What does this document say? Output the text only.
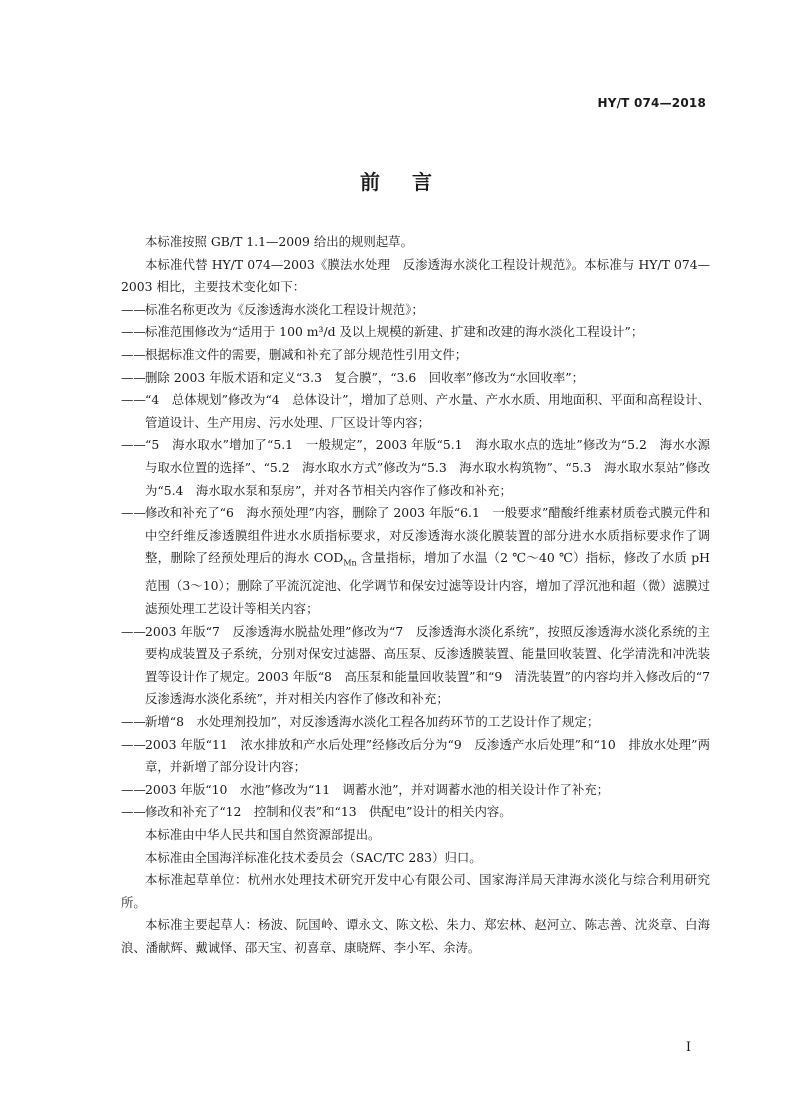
HY/T 074—2018
前言

本标准按照 GB/T 1.1—2009 给出的规则起草。

本标准代替 HY/T 074—2003《膜法水处理　反渗透海水淡化工程设计规范》。本标准与 HY/T 074—2003 相比，主要技术变化如下：

——标准名称更改为《反渗透海水淡化工程设计规范》；

——标准范围修改为“适用于 100 m³/d 及以上规模的新建、扩建和改建的海水淡化工程设计”；

——根据标准文件的需要，删减和补充了部分规范性引用文件；

——删除 2003 年版术语和定义“3.3　复合膜”，“3.6　回收率”修改为“水回收率”；

——“4　总体规划”修改为“4　总体设计”，增加了总则、产水量、产水水质、用地面积、平面和高程设计、管道设计、生产用房、污水处理、厂区设计等内容；

——“5　海水取水”增加了“5.1　一般规定”，2003 年版“5.1　海水取水点的选址”修改为“5.2　海水水源与取水位置的选择”、“5.2　海水取水方式”修改为“5.3　海水取水构筑物”、“5.3　海水取水泵站”修改为“5.4　海水取水泵和泵房”，并对各节相关内容作了修改和补充；

——修改和补充了“6　海水预处理”内容，删除了 2003 年版“6.1　一般要求”醋酸纤维素材质卷式膜元件和中空纤维反渗透膜组件进水水质指标要求，对反渗透海水淡化膜装置的部分进水水质指标要求作了调整，删除了经预处理后的海水 $COD_{Mn}$ 含量指标，增加了水温（2 ℃～40 ℃）指标，修改了水质 pH 范围（3～10）；删除了平流沉淀池、化学调节和保安过滤等设计内容，增加了浮沉池和超（微）滤膜过滤预处理工艺设计等相关内容；

——2003 年版“7　反渗透海水脱盐处理”修改为“7　反渗透海水淡化系统”，按照反渗透海水淡化系统的主要构成装置及子系统，分别对保安过滤器、高压泵、反渗透膜装置、能量回收装置、化学清洗和冲洗装置等设计作了规定。2003 年版“8　高压泵和能量回收装置”和“9　清洗装置”的内容均并入修改后的“7　反渗透海水淡化系统”，并对相关内容作了修改和补充；

——新增“8　水处理剂投加”，对反渗透海水淡化工程各加药环节的工艺设计作了规定；

——2003 年版“11　浓水排放和产水后处理”经修改后分为“9　反渗透产水后处理”和“10　排放水处理”两章，并新增了部分设计内容；

——2003 年版“10　水池”修改为“11　调蓄水池”，并对调蓄水池的相关设计作了补充；

——修改和补充了“12　控制和仪表”和“13　供配电”设计的相关内容。

本标准由中华人民共和国自然资源部提出。

本标准由全国海洋标准化技术委员会（SAC/TC 283）归口。

本标准起草单位：杭州水处理技术研究开发中心有限公司、国家海洋局天津海水淡化与综合利用研究所。

本标准主要起草人：杨波、阮国岭、谭永文、陈文松、朱力、郑宏林、赵河立、陈志善、沈炎章、白海浪、潘献辉、戴诚怿、邵天宝、初喜章、康晓辉、李小军、余涛。

I
